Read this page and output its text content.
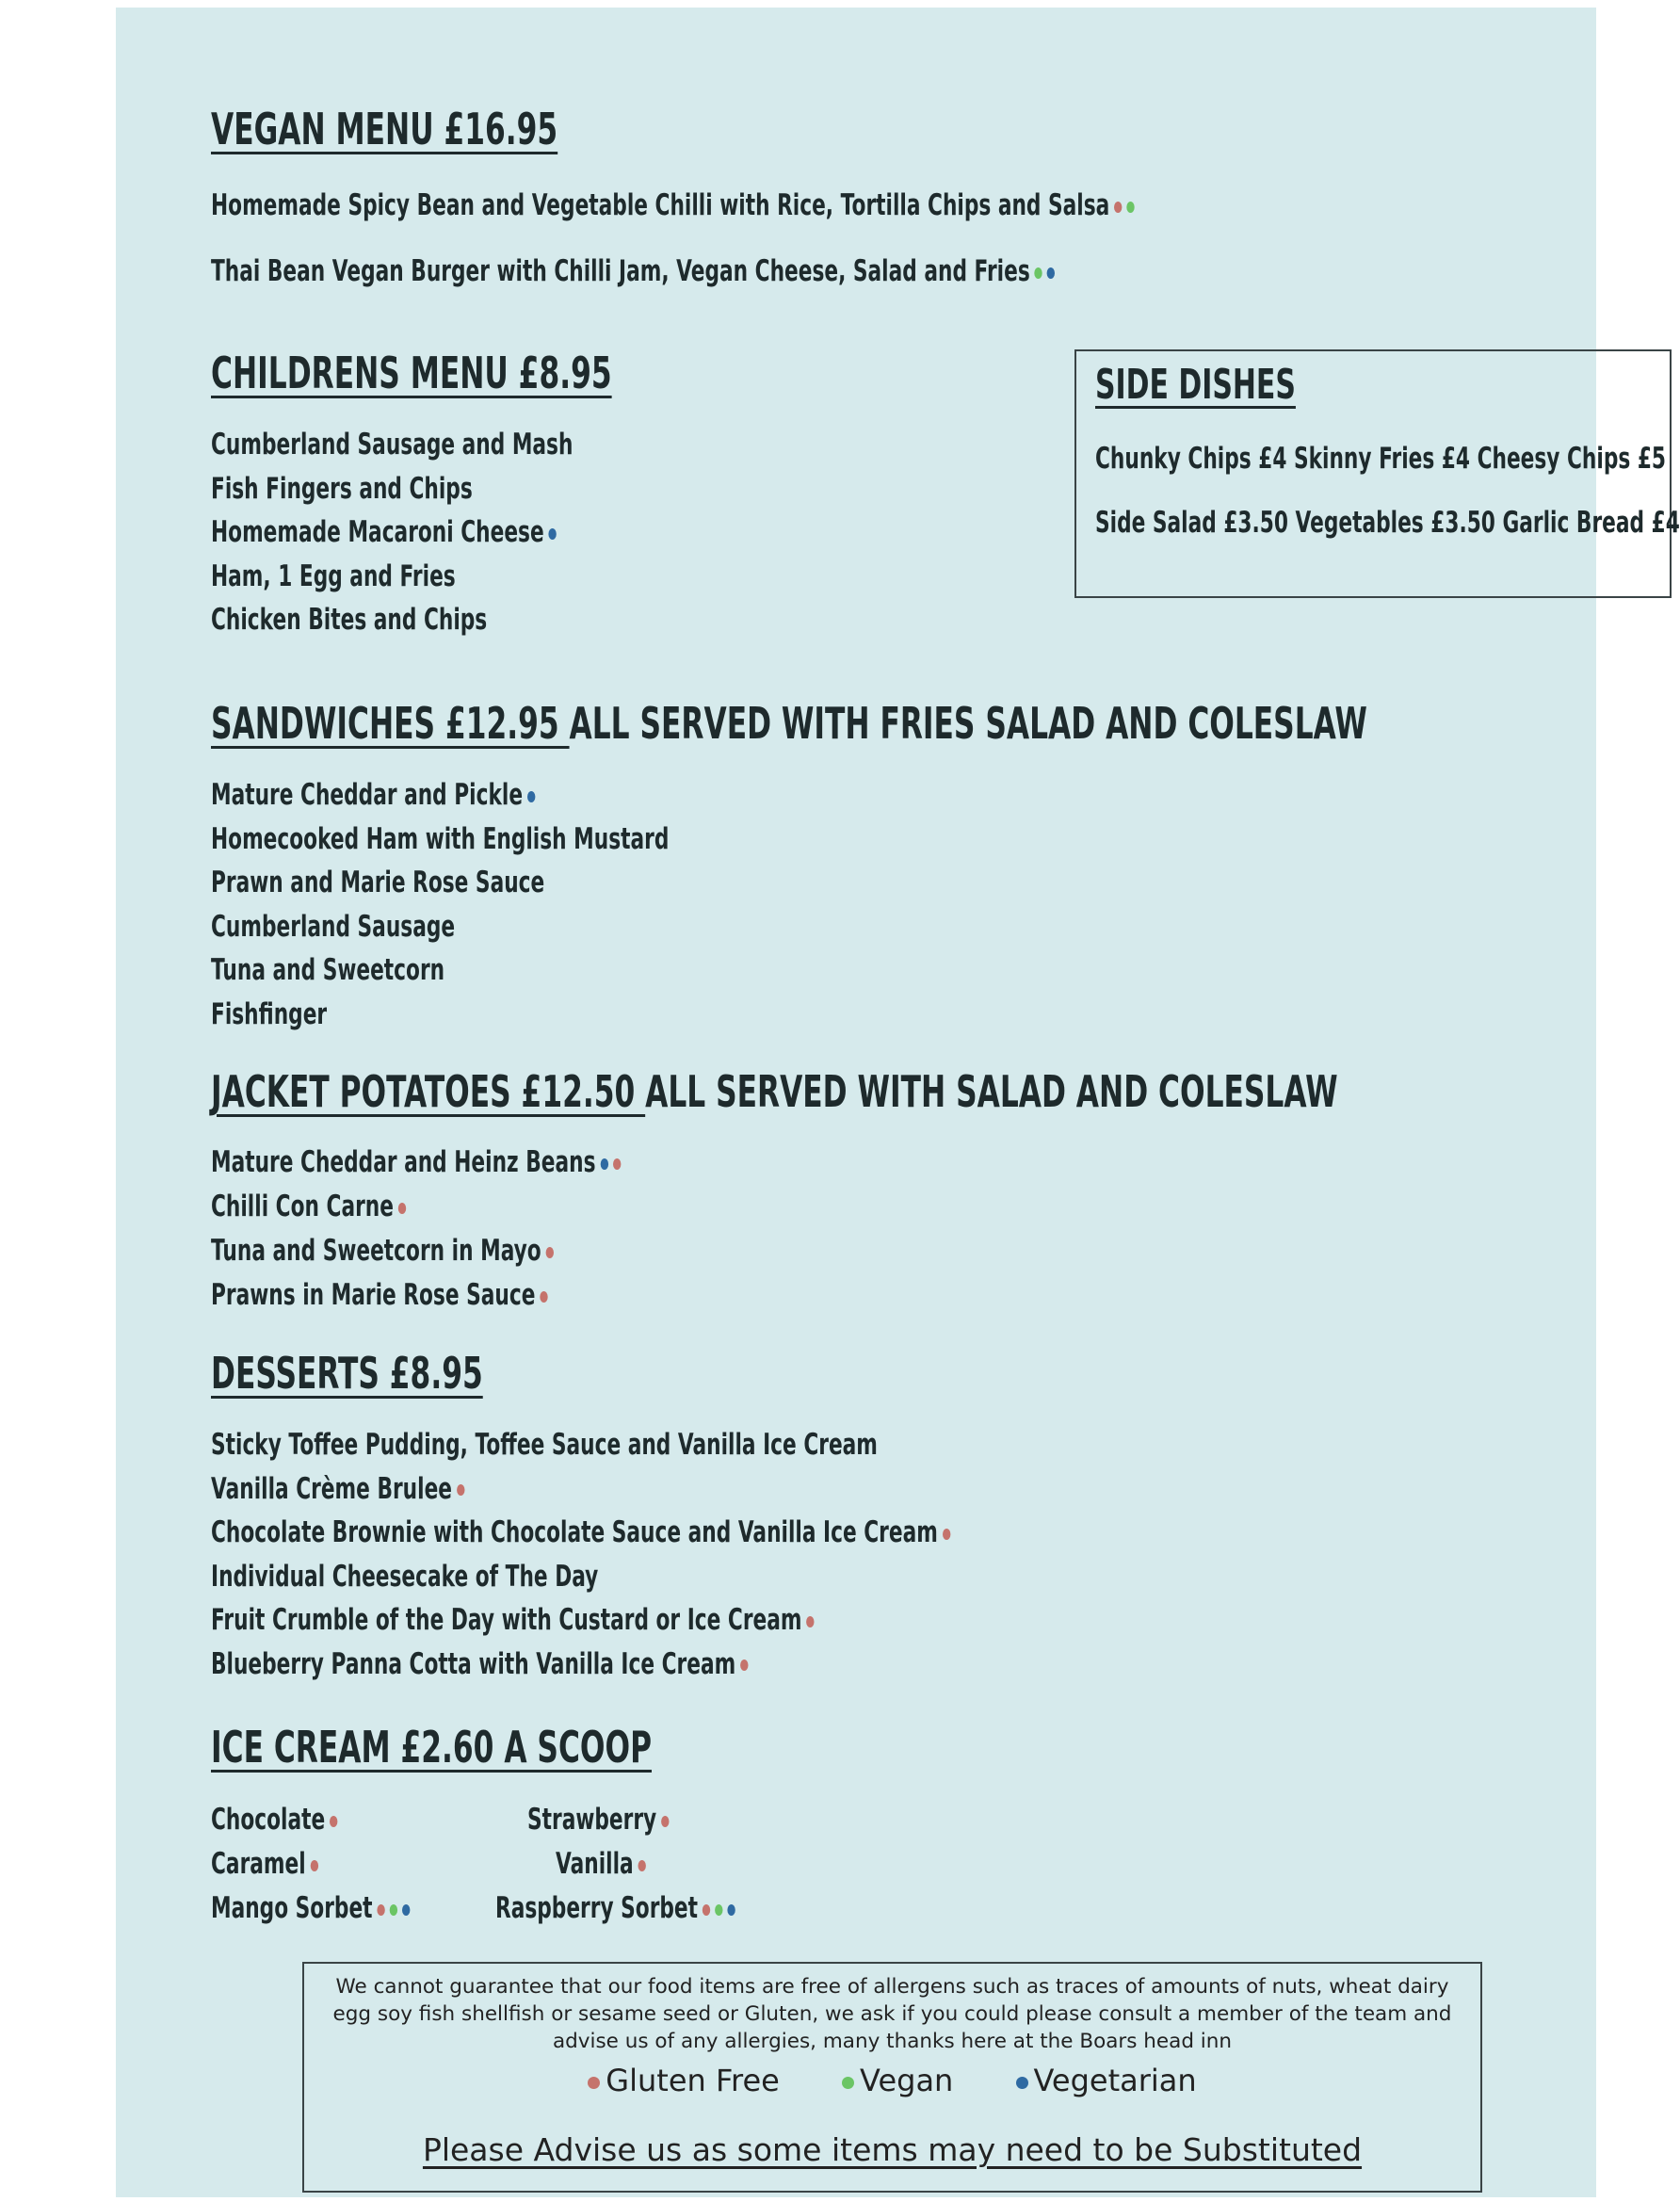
VEGAN MENU £16.95
Homemade Spicy Bean and Vegetable Chilli with Rice, Tortilla Chips and Salsa
Thai Bean Vegan Burger with Chilli Jam, Vegan Cheese, Salad and Fries
CHILDRENS MENU £8.95
Cumberland Sausage and Mash
Fish Fingers and Chips
Homemade Macaroni Cheese
Ham, 1 Egg and Fries
Chicken Bites and Chips
SIDE DISHES
Chunky Chips £4 Skinny Fries £4 Cheesy Chips £5
Side Salad £3.50 Vegetables £3.50 Garlic Bread £4
SANDWICHES £12.95 ALL SERVED WITH FRIES SALAD AND COLESLAW
Mature Cheddar and Pickle
Homecooked Ham with English Mustard
Prawn and Marie Rose Sauce
Cumberland Sausage
Tuna and Sweetcorn
Fishfinger
JACKET POTATOES £12.50 ALL SERVED WITH SALAD AND COLESLAW
Mature Cheddar and Heinz Beans
Chilli Con Carne
Tuna and Sweetcorn in Mayo
Prawns in Marie Rose Sauce
DESSERTS £8.95
Sticky Toffee Pudding, Toffee Sauce and Vanilla Ice Cream
Vanilla Crème Brulee
Chocolate Brownie with Chocolate Sauce and Vanilla Ice Cream
Individual Cheesecake of The Day
Fruit Crumble of the Day with Custard or Ice Cream
Blueberry Panna Cotta with Vanilla Ice Cream
ICE CREAM £2.60 A SCOOP
Chocolate
Caramel
Mango Sorbet
Strawberry
Vanilla
Raspberry Sorbet
We cannot guarantee that our food items are free of allergens such as traces of amounts of nuts, wheat dairy egg soy fish shellfish or sesame seed or Gluten, we ask if you could please consult a member of the team and advise us of any allergies, many thanks here at the Boars head inn
Gluten Free	Vegan	Vegetarian
Please Advise us as some items may need to be Substituted
